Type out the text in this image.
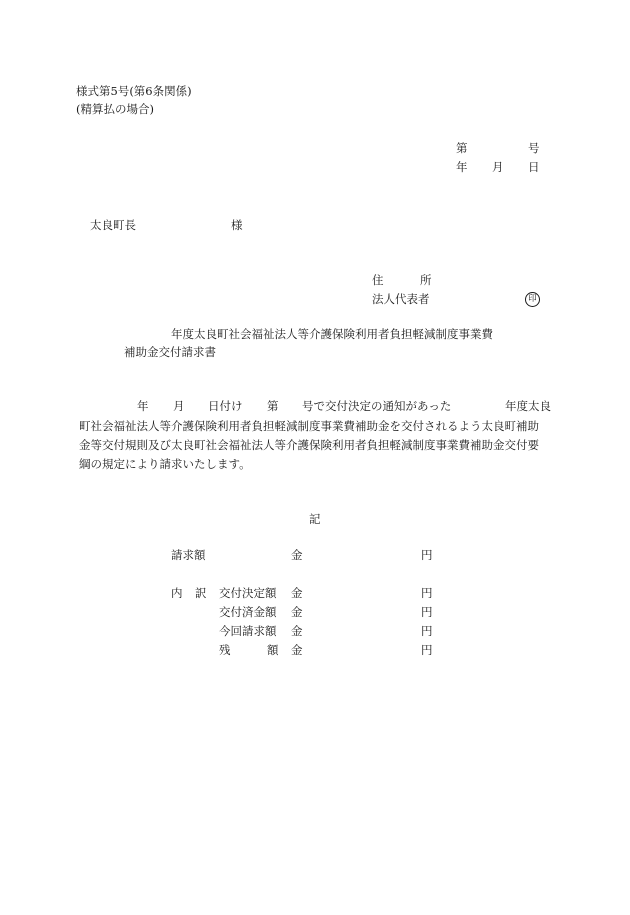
様式第5号(第6条関係)
(精算払の場合)
第	号
年 月 日
太良町長	様
住	所
法人代表者	印
年度太良町社会福祉法人等介護保険利用者負担軽減制度事業費
補助金交付請求書
年 月 日付け 第 号で交付決定の通知があった	年度太良
町社会福祉法人等介護保険利用者負担軽減制度事業費補助金を交付されるよう太良町補助
金等交付規則及び太良町社会福祉法人等介護保険利用者負担軽減制度事業費補助金交付要
綱の規定により請求いたします。
記
請求額	金	円
内 訳 交付決定額 金	円
交付済金額 金	円
今回請求額 金	円
残	額 金	円
